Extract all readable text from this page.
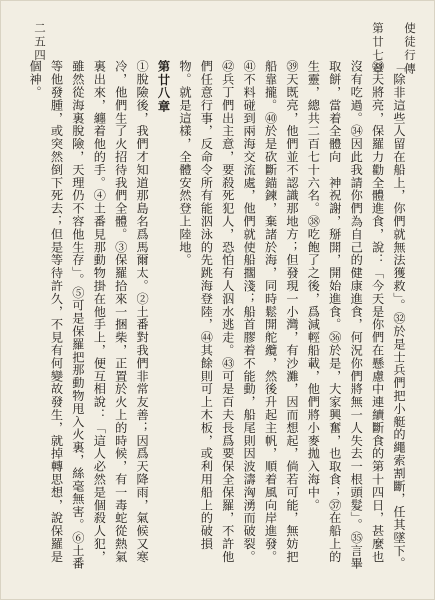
使徒行傳
第廿七章
二五四

「除非這些人留在船上，你們就無法獲救」。㉜於是士兵們把小艇的繩索割斷，任其墜下。㉝天將亮，保羅力勸全體進食，說：「今天是你們在懸慮中連續斷食的第十四日，甚麼也沒有吃過。㉞因此我請你們為自己的健康進食，何況你們將無一人失去一根頭髮」。㉟言畢取餅，當着全體向　神祝謝，掰開，開始進食。㊱於是，大家興奮，也取食；㊲在船上的生靈，總共二百七十六名。㊳吃飽了之後，爲減輕船載，他們將小麥拋入海中。

㊴天既亮，他們並不認識那地方；但發現一小灣，有沙灘，因而想起，倘若可能，無妨把船靠攏。㊵於是砍斷錨鍊，棄諸於海，同時鬆開舵纜，然後升起主帆，順着風向岸進發。㊶不料碰到兩海交流處，他們就使船擱淺；船首膠着不能動，船尾則因波濤洶湧而破裂。㊷兵丁們出主意，要殺死犯人，恐怕有人泅水逃走。㊸可是百夫長爲要保全保羅，不許他們任意行事，反命令所有能泅泳的先跳海登陸，㊹其餘則可上木板，或利用船上的破損物。就是這樣，全體安然登上陸地。

第廿八章

①脫險後，我們才知道那島名爲馬爾太。②土番對我們非常友善；因爲天降雨，氣候又寒冷，他們生了火招待我們全體。③保羅拾來一捆柴，正置於火上的時候，有一毒蛇從熱氣裏出來，纏着他的手。④土番見那動物掛在他手上，便互相說：「這人必然是個殺人犯，雖然從海裏脫險，天理仍不容他生存」。⑤可是保羅把那動物甩入火裏，絲毫無害。⑥土番等他發腫，或突然倒下死去；但是等待許久，不見有何變故發生，就掉轉思想，說保羅是個神。
